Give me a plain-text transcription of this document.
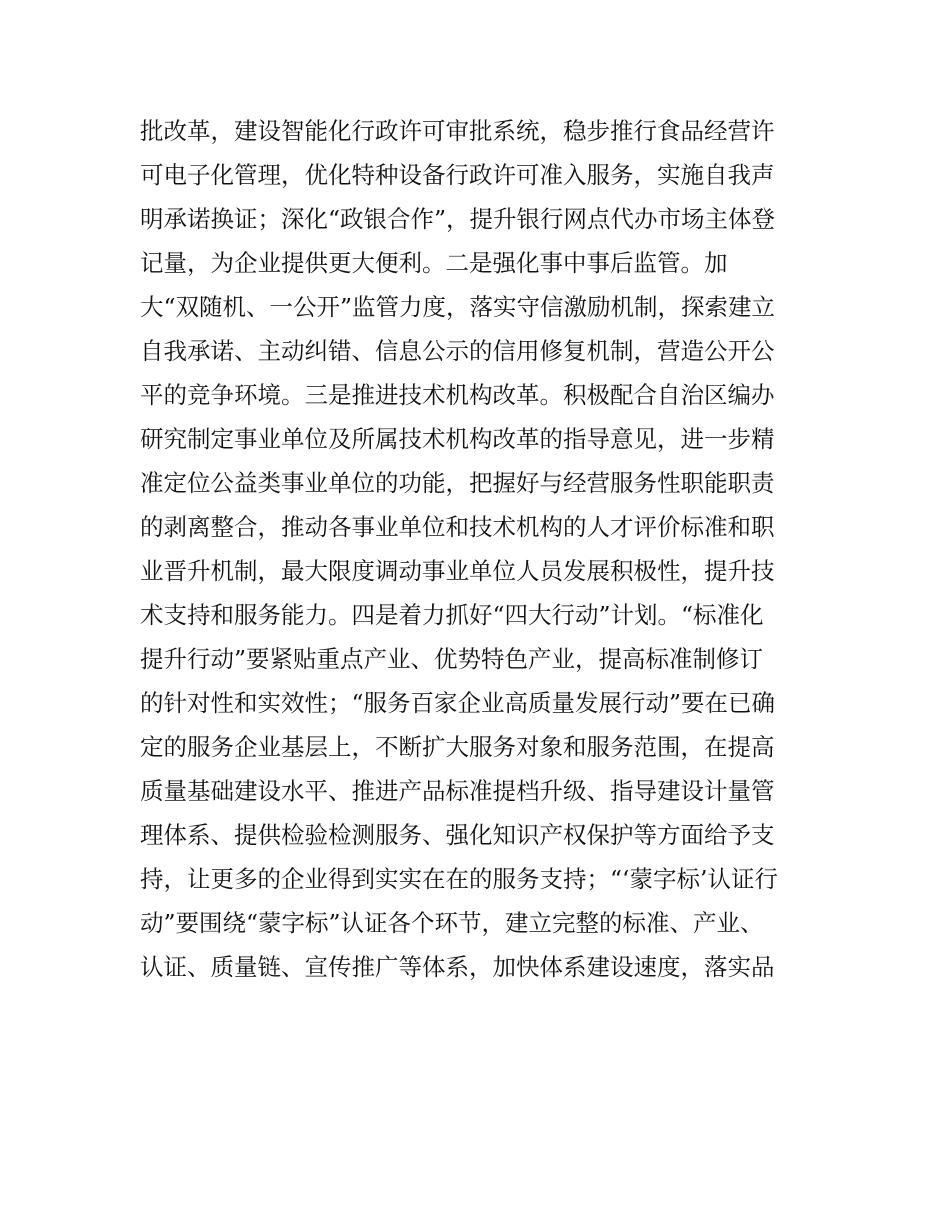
批改革，建设智能化行政许可审批系统，稳步推行食品经营许
可电子化管理，优化特种设备行政许可准入服务，实施自我声
明承诺换证；深化“政银合作”，提升银行网点代办市场主体登
记量，为企业提供更大便利。二是强化事中事后监管。加
大“双随机、一公开”监管力度，落实守信激励机制，探索建立
自我承诺、主动纠错、信息公示的信用修复机制，营造公开公
平的竞争环境。三是推进技术机构改革。积极配合自治区编办
研究制定事业单位及所属技术机构改革的指导意见，进一步精
准定位公益类事业单位的功能，把握好与经营服务性职能职责
的剥离整合，推动各事业单位和技术机构的人才评价标准和职
业晋升机制，最大限度调动事业单位人员发展积极性，提升技
术支持和服务能力。四是着力抓好“四大行动”计划。“标准化
提升行动”要紧贴重点产业、优势特色产业，提高标准制修订
的针对性和实效性；“服务百家企业高质量发展行动”要在已确
定的服务企业基层上，不断扩大服务对象和服务范围，在提高
质量基础建设水平、推进产品标准提档升级、指导建设计量管
理体系、提供检验检测服务、强化知识产权保护等方面给予支
持，让更多的企业得到实实在在的服务支持；“‘蒙字标’认证行
动”要围绕“蒙字标”认证各个环节，建立完整的标准、产业、
认证、质量链、宣传推广等体系，加快体系建设速度，落实品
